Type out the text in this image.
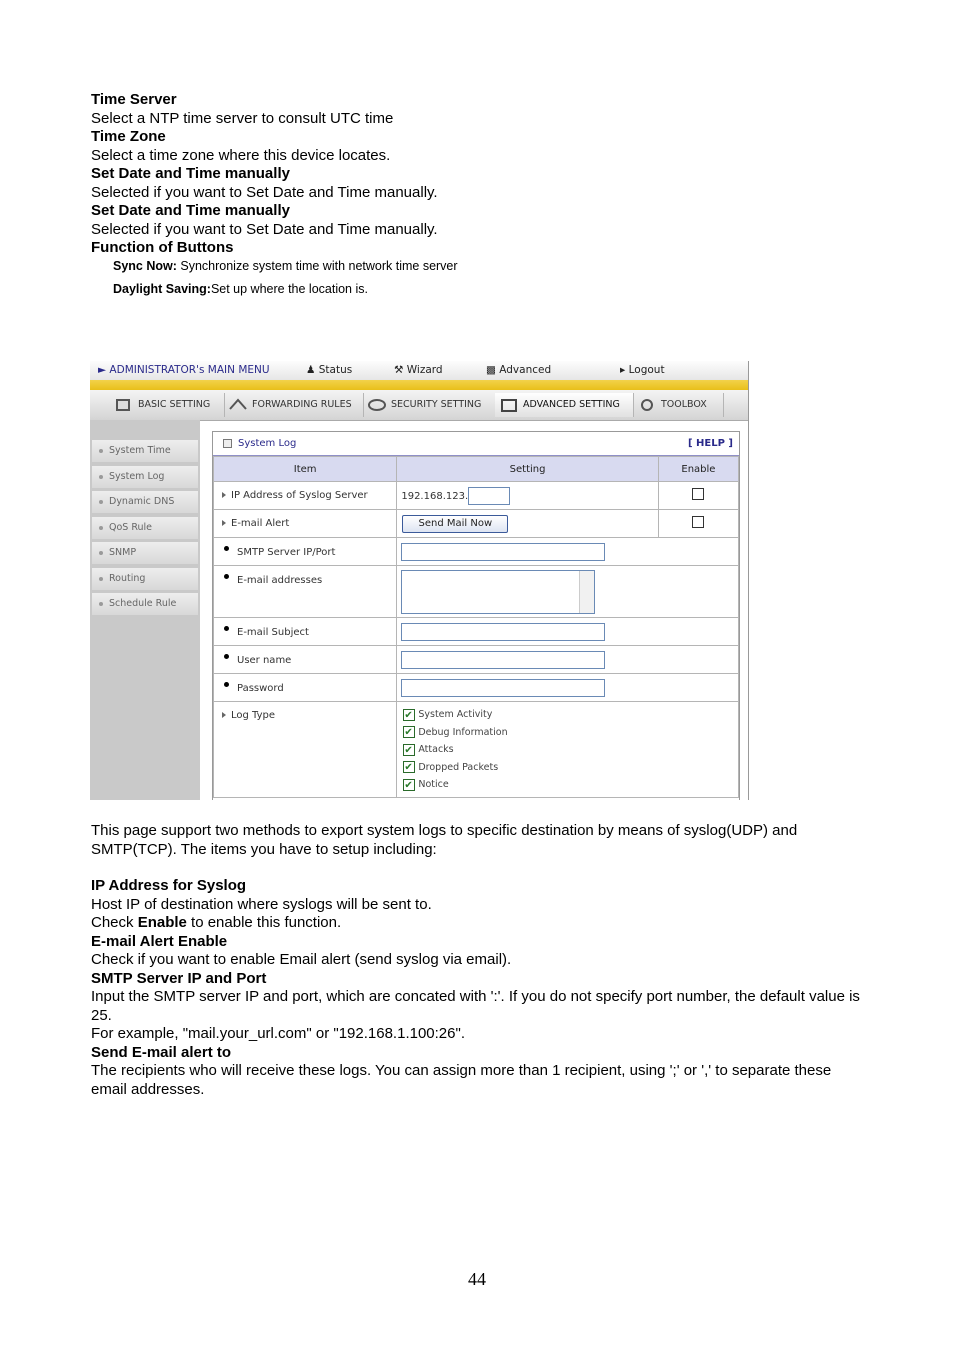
Time Server
Select a NTP time server to consult UTC time
Time Zone
Select a time zone where this device locates.
Set Date and Time manually
Selected if you want to Set Date and Time manually.
Set Date and Time manually
Selected if you want to Set Date and Time manually.
Function of Buttons
Sync Now: Synchronize system time with network time server
Daylight Saving:Set up where the location is.
► ADMINISTRATOR's MAIN MENU	♟ Status	⚒ Wizard	▩ Advanced	▸ Logout
BASIC SETTING	FORWARDING RULES	SECURITY SETTING	ADVANCED SETTING	TOOLBOX
System Time
System Log
Dynamic DNS
QoS Rule
SNMP
Routing
Schedule Rule
System Log	[ HELP ]
Item	Setting	Enable
IP Address of Syslog Server	192.168.123.	
E-mail Alert	Send Mail Now	
SMTP Server IP/Port		
E-mail addresses		

E-mail Subject		
User name		
Password		
Log Type	
✔System Activity
✔Debug Information
✔Attacks
✔Dropped Packets
✔Notice
This page support two methods to export system logs to specific destination by means of syslog(UDP) and SMTP(TCP). The items you have to setup including:
IP Address for Syslog
Host IP of destination where syslogs will be sent to.
Check Enable to enable this function.
E-mail Alert Enable
Check if you want to enable Email alert (send syslog via email).
SMTP Server IP and Port
Input the SMTP server IP and port, which are concated with ':'. If you do not specify port number, the default value is 25.
For example, "mail.your_url.com" or "192.168.1.100:26".
Send E-mail alert to
The recipients who will receive these logs. You can assign more than 1 recipient, using ';' or ',' to separate these email addresses.
44
